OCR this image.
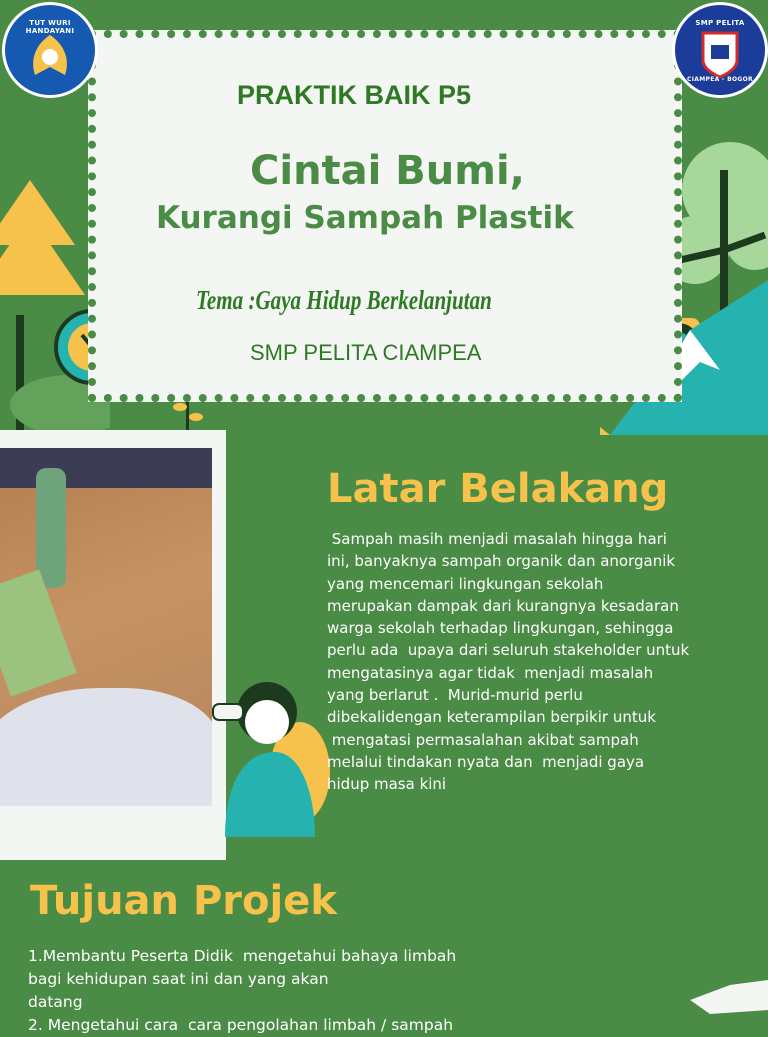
TUT WURI HANDAYANI
SMP PELITA
CIAMPEA - BOGOR
PRAKTIK BAIK P5
Cintai Bumi,
Kurangi Sampah Plastik
Tema :Gaya Hidup Berkelanjutan
SMP PELITA CIAMPEA
Latar Belakang
Sampah masih menjadi masalah hingga hari
ini, banyaknya sampah organik dan anorganik
yang mencemari lingkungan sekolah
merupakan dampak dari kurangnya kesadaran
warga sekolah terhadap lingkungan, sehingga
perlu ada  upaya dari seluruh stakeholder untuk
mengatasinya agar tidak  menjadi masalah
yang berlarut .  Murid-murid perlu
dibekalidengan keterampilan berpikir untuk
mengatasi permasalahan akibat sampah
melalui tindakan nyata dan  menjadi gaya
hidup masa kini
Tujuan Projek
1.Membantu Peserta Didik  mengetahui bahaya limbah
bagi kehidupan saat ini dan yang akan
datang
2. Mengetahui cara  cara pengolahan limbah / sampah
